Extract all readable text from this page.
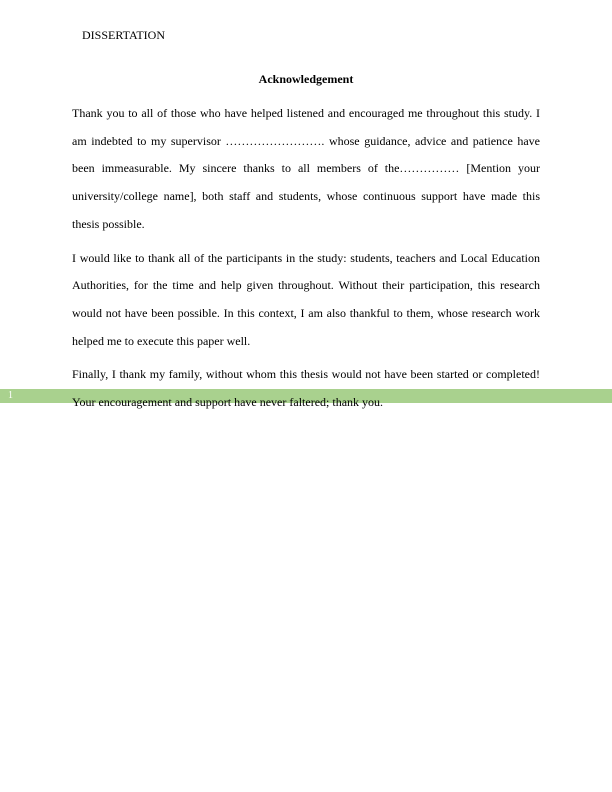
DISSERTATION
Acknowledgement
1

Thank you to all of those who have helped listened and encouraged me throughout this study. I am indebted to my supervisor ……………………. whose guidance, advice and patience have been immeasurable. My sincere thanks to all members of the…………… [Mention your university/college name], both staff and students, whose continuous support have made this thesis possible.

I would like to thank all of the participants in the study: students, teachers and Local Education Authorities, for the time and help given throughout. Without their participation, this research would not have been possible. In this context, I am also thankful to them, whose research work helped me to execute this paper well.

Finally, I thank my family, without whom this thesis would not have been started or completed! Your encouragement and support have never faltered; thank you.
